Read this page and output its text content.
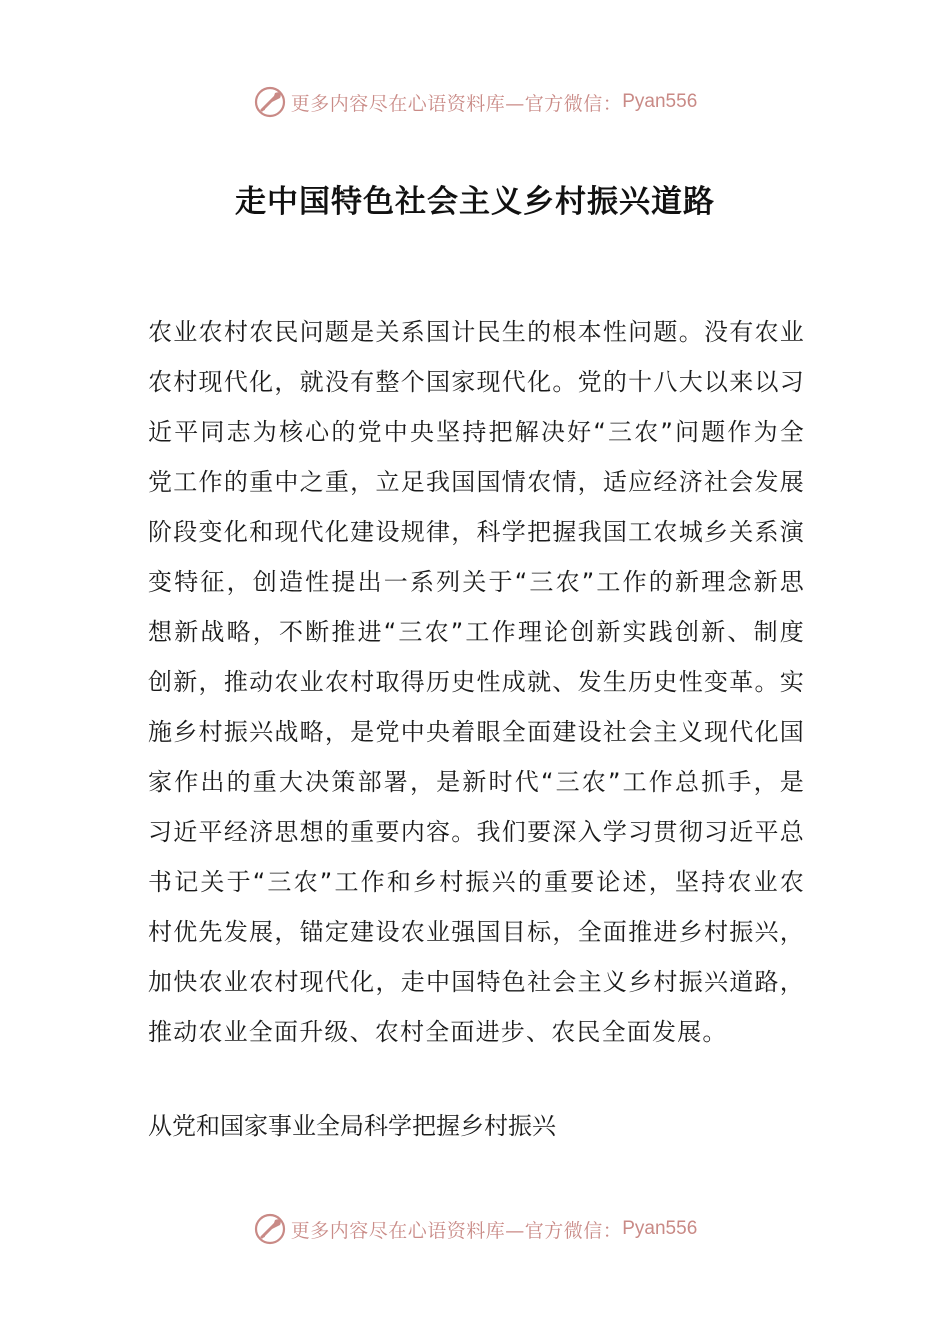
更多内容尽在心语资料库—官方微信： Pyan556
走中国特色社会主义乡村振兴道路

农业农村农民问题是关系国计民生的根本性问题。没有农业农村现代化，就没有整个国家现代化。党的十八大以来以习近平同志为核心的党中央坚持把解决好“三农”问题作为全党工作的重中之重，立足我国国情农情，适应经济社会发展阶段变化和现代化建设规律，科学把握我国工农城乡关系演变特征，创造性提出一系列关于“三农”工作的新理念新思想新战略，不断推进“三农”工作理论创新实践创新、制度创新，推动农业农村取得历史性成就、发生历史性变革。实施乡村振兴战略，是党中央着眼全面建设社会主义现代化国家作出的重大决策部署，是新时代“三农”工作总抓手，是习近平经济思想的重要内容。我们要深入学习贯彻习近平总书记关于“三农”工作和乡村振兴的重要论述，坚持农业农村优先发展，锚定建设农业强国目标，全面推进乡村振兴，加快农业农村现代化，走中国特色社会主义乡村振兴道路，推动农业全面升级、农村全面进步、农民全面发展。

从党和国家事业全局科学把握乡村振兴

更多内容尽在心语资料库—官方微信： Pyan556
